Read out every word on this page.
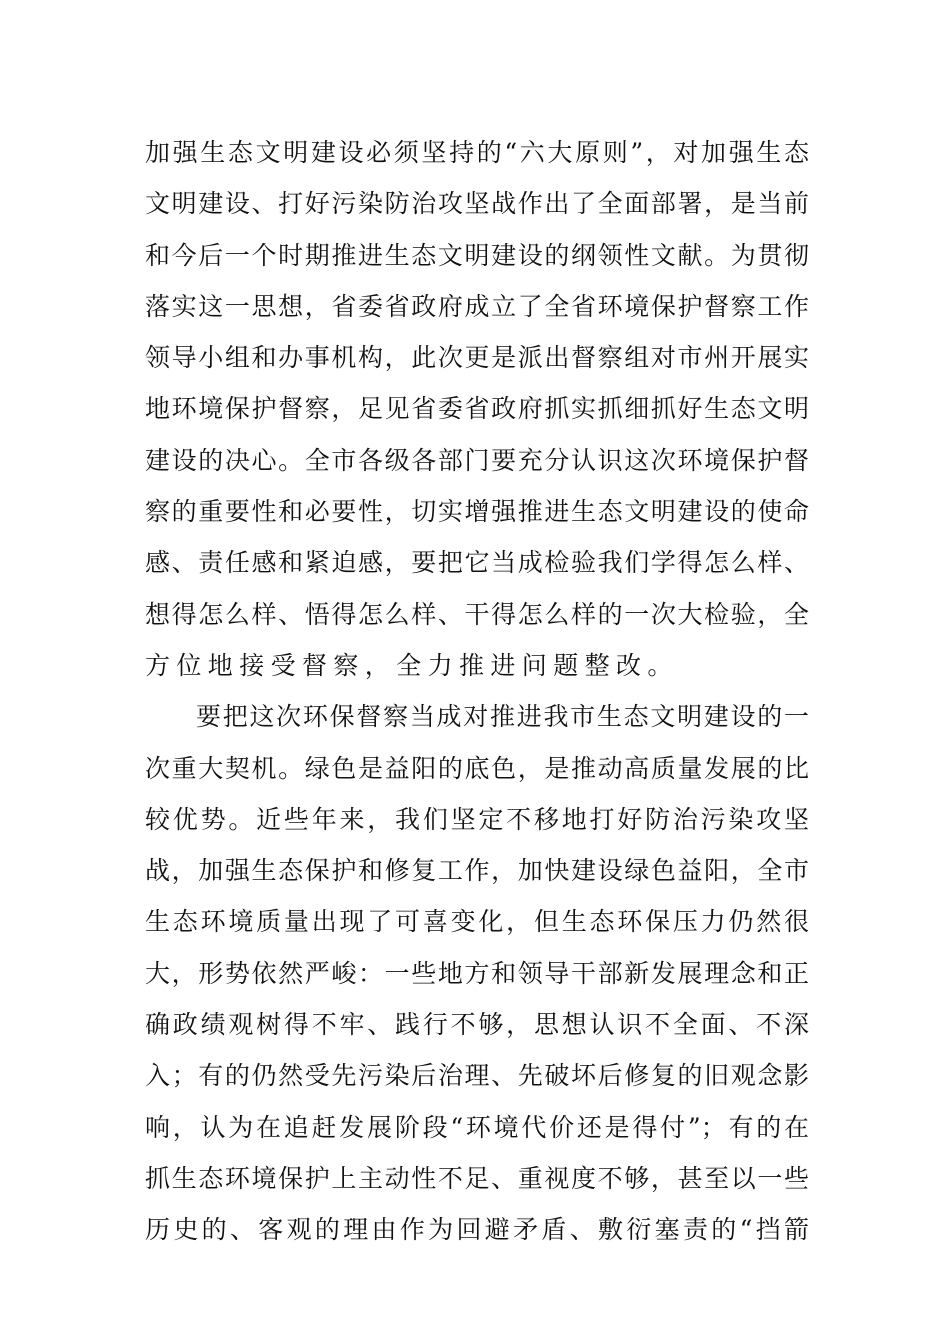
加强生态文明建设必须坚持的“六大原则”，对加强生态
文明建设、打好污染防治攻坚战作出了全面部署，是当前
和今后一个时期推进生态文明建设的纲领性文献。为贯彻
落实这一思想，省委省政府成立了全省环境保护督察工作
领导小组和办事机构，此次更是派出督察组对市州开展实
地环境保护督察，足见省委省政府抓实抓细抓好生态文明
建设的决心。全市各级各部门要充分认识这次环境保护督
察的重要性和必要性，切实增强推进生态文明建设的使命
感、责任感和紧迫感，要把它当成检验我们学得怎么样、
想得怎么样、悟得怎么样、干得怎么样的一次大检验，全
方位地接受督察，全力推进问题整改。
要把这次环保督察当成对推进我市生态文明建设的一
次重大契机。绿色是益阳的底色，是推动高质量发展的比
较优势。近些年来，我们坚定不移地打好防治污染攻坚
战，加强生态保护和修复工作，加快建设绿色益阳，全市
生态环境质量出现了可喜变化，但生态环保压力仍然很
大，形势依然严峻：一些地方和领导干部新发展理念和正
确政绩观树得不牢、践行不够，思想认识不全面、不深
入；有的仍然受先污染后治理、先破坏后修复的旧观念影
响，认为在追赶发展阶段“环境代价还是得付”；有的在
抓生态环境保护上主动性不足、重视度不够，甚至以一些
历史的、客观的理由作为回避矛盾、敷衍塞责的“挡箭
